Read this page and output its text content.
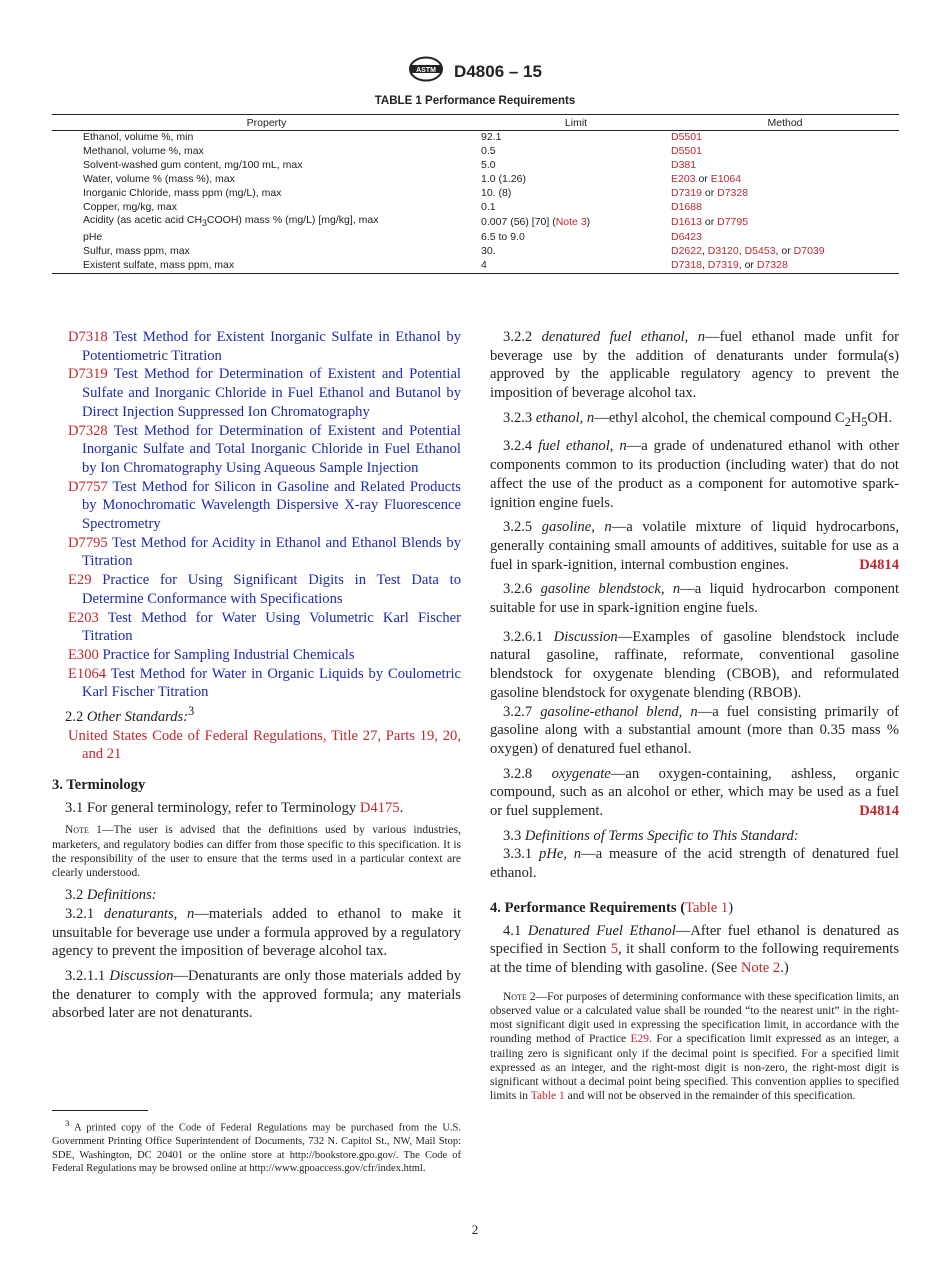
ASTM D4806 – 15
TABLE 1 Performance Requirements
Property	Limit	Method
Ethanol, volume %, min	92.1	D5501
Methanol, volume %, max	0.5	D5501
Solvent-washed gum content, mg/100 mL, max	5.0	D381
Water, volume % (mass %), max	1.0 (1.26)	E203 or E1064
Inorganic Chloride, mass ppm (mg/L), max	10. (8)	D7319 or D7328
Copper, mg/kg, max	0.1	D1688
Acidity (as acetic acid $CH_3COOH$) mass % (mg/L) [mg/kg], max	0.007 (56) [70] (Note 3)	D1613 or D7795
pHe	6.5 to 9.0	D6423
Sulfur, mass ppm, max	30.	D2622, D3120, D5453, or D7039
Existent sulfate, mass ppm, max	4	D7318, D7319, or D7328

D7318 Test Method for Existent Inorganic Sulfate in Ethanol by Potentiometric Titration

D7319 Test Method for Determination of Existent and Potential Sulfate and Inorganic Chloride in Fuel Ethanol and Butanol by Direct Injection Suppressed Ion Chromatography

D7328 Test Method for Determination of Existent and Potential Inorganic Sulfate and Total Inorganic Chloride in Fuel Ethanol by Ion Chromatography Using Aqueous Sample Injection

D7757 Test Method for Silicon in Gasoline and Related Products by Monochromatic Wavelength Dispersive X-ray Fluorescence Spectrometry

D7795 Test Method for Acidity in Ethanol and Ethanol Blends by Titration

E29 Practice for Using Significant Digits in Test Data to Determine Conformance with Specifications

E203 Test Method for Water Using Volumetric Karl Fischer Titration

E300 Practice for Sampling Industrial Chemicals

E1064 Test Method for Water in Organic Liquids by Coulometric Karl Fischer Titration

2.2 Other Standards:$^3$

United States Code of Federal Regulations, Title 27, Parts 19, 20, and 21

3. Terminology

3.1 For general terminology, refer to Terminology D4175.

Note 1—The user is advised that the definitions used by various industries, marketers, and regulatory bodies can differ from those specific to this specification. It is the responsibility of the user to ensure that the terms used in a particular context are clearly understood.

3.2 Definitions:

3.2.1 denaturants, n—materials added to ethanol to make it unsuitable for beverage use under a formula approved by a regulatory agency to prevent the imposition of beverage alcohol tax.

3.2.1.1 Discussion—Denaturants are only those materials added by the denaturer to comply with the approved formula; any materials absorbed later are not denaturants.

3.2.2 denatured fuel ethanol, n—fuel ethanol made unfit for beverage use by the addition of denaturants under formula(s) approved by the applicable regulatory agency to prevent the imposition of beverage alcohol tax.

3.2.3 ethanol, n—ethyl alcohol, the chemical compound $C_2H_5OH$.

3.2.4 fuel ethanol, n—a grade of undenatured ethanol with other components common to its production (including water) that do not affect the use of the product as a component for automotive spark-ignition engine fuels.

3.2.5 gasoline, n—a volatile mixture of liquid hydrocarbons, generally containing small amounts of additives, suitable for use as a fuel in spark-ignition, internal combustion engines.	D4814

3.2.6 gasoline blendstock, n—a liquid hydrocarbon component suitable for use in spark-ignition engine fuels.

3.2.6.1 Discussion—Examples of gasoline blendstock include natural gasoline, raffinate, reformate, conventional gasoline blendstock for oxygenate blending (CBOB), and reformulated gasoline blendstock for oxygenate blending (RBOB).

3.2.7 gasoline-ethanol blend, n—a fuel consisting primarily of gasoline along with a substantial amount (more than 0.35 mass % oxygen) of denatured fuel ethanol.

3.2.8 oxygenate—an oxygen-containing, ashless, organic compound, such as an alcohol or ether, which may be used as a fuel or fuel supplement.	D4814

3.3 Definitions of Terms Specific to This Standard:

3.3.1 pHe, n—a measure of the acid strength of denatured fuel ethanol.

4. Performance Requirements (Table 1)

4.1 Denatured Fuel Ethanol—After fuel ethanol is denatured as specified in Section 5, it shall conform to the following requirements at the time of blending with gasoline. (See Note 2.)

Note 2—For purposes of determining conformance with these specification limits, an observed value or a calculated value shall be rounded “to the nearest unit” in the right-most significant digit used in expressing the specification limit, in accordance with the rounding method of Practice E29. For a specification limit expressed as an integer, a trailing zero is significant only if the decimal point is specified. For a specified limit expressed as an integer, and the right-most digit is non-zero, the right-most digit is significant without a decimal point being specified. This convention applies to specified limits in Table 1 and will not be observed in the remainder of this specification.

$^3$ A printed copy of the Code of Federal Regulations may be purchased from the U.S. Government Printing Office Superintendent of Documents, 732 N. Capitol St., NW, Mail Stop: SDE, Washington, DC 20401 or the online store at http://bookstore.gpo.gov/. The Code of Federal Regulations may be browsed online at http://www.gpoaccess.gov/cfr/index.html.
2
